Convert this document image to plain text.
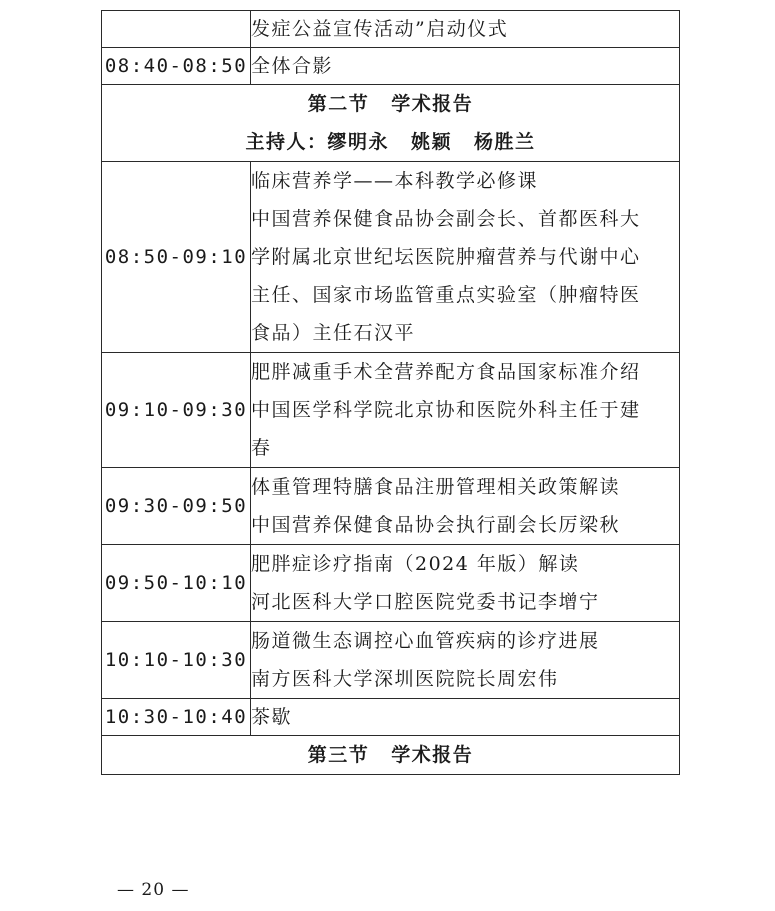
	发症公益宣传活动”启动仪式

08:40-08:50	全体合影

第二节 学术报告
主持人：缪明永 姚颖 杨胜兰	

08:50-09:10	临床营养学——本科教学必修课
中国营养保健食品协会副会长、首都医科大
学附属北京世纪坛医院肿瘤营养与代谢中心
主任、国家市场监管重点实验室（肿瘤特医
食品）主任石汉平

09:10-09:30	肥胖减重手术全营养配方食品国家标准介绍
中国医学科学院北京协和医院外科主任于建
春

09:30-09:50	体重管理特膳食品注册管理相关政策解读
中国营养保健食品协会执行副会长厉梁秋

09:50-10:10	肥胖症诊疗指南（2024 年版）解读
河北医科大学口腔医院党委书记李增宁

10:10-10:30	肠道微生态调控心血管疾病的诊疗进展
南方医科大学深圳医院院长周宏伟

10:30-10:40	茶歇

第三节 学术报告	
— 20 —
